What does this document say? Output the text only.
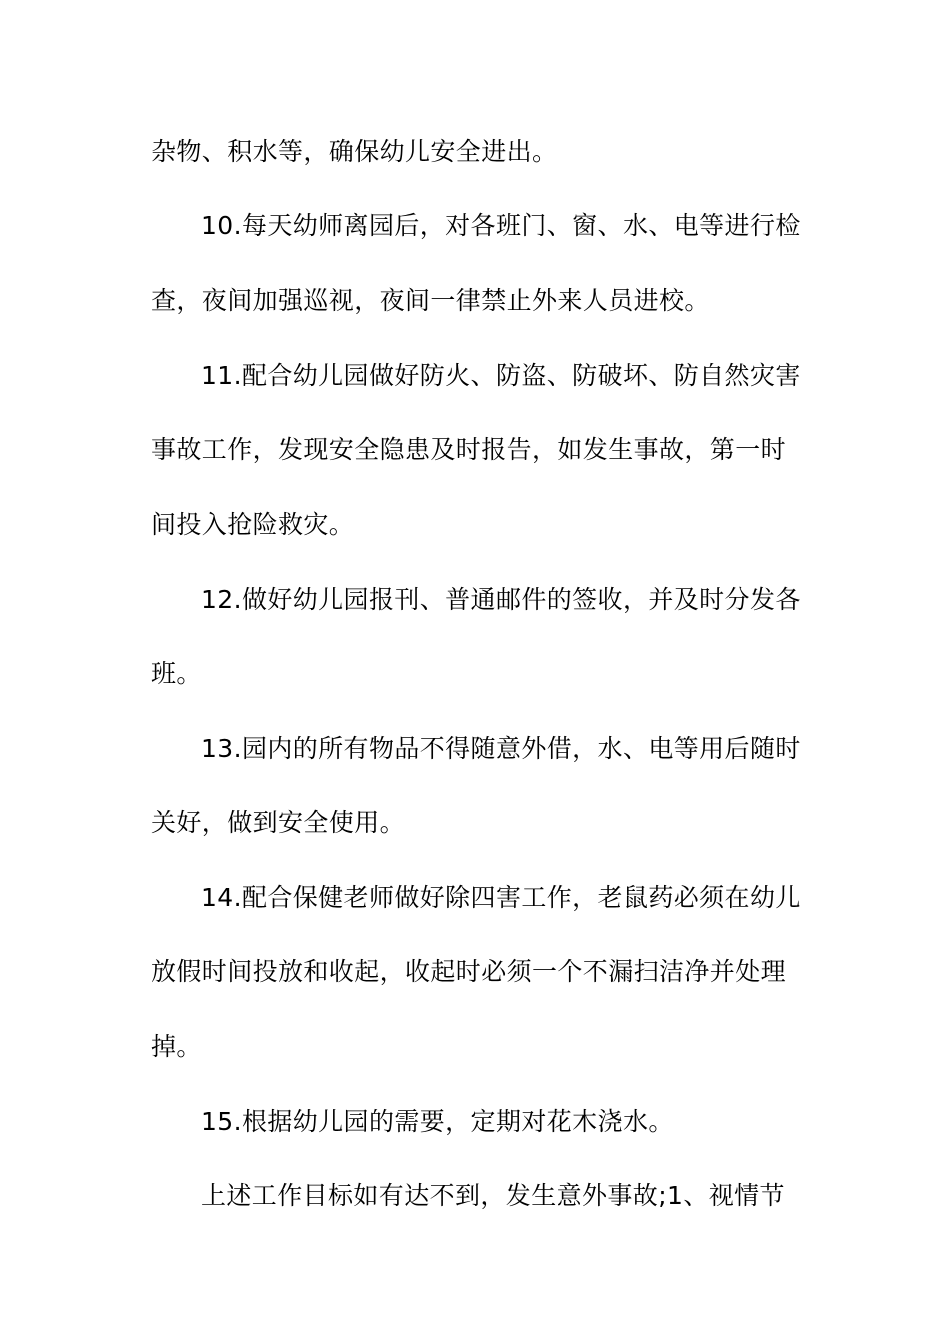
杂物、积水等，确保幼儿安全进出。
10.每天幼师离园后，对各班门、窗、水、电等进行检
查，夜间加强巡视，夜间一律禁止外来人员进校。
11.配合幼儿园做好防火、防盗、防破坏、防自然灾害
事故工作，发现安全隐患及时报告，如发生事故，第一时
间投入抢险救灾。
12.做好幼儿园报刊、普通邮件的签收，并及时分发各
班。
13.园内的所有物品不得随意外借，水、电等用后随时
关好，做到安全使用。
14.配合保健老师做好除四害工作，老鼠药必须在幼儿
放假时间投放和收起，收起时必须一个不漏扫洁净并处理
掉。
15.根据幼儿园的需要，定期对花木浇水。
上述工作目标如有达不到，发生意外事故;1、视情节
